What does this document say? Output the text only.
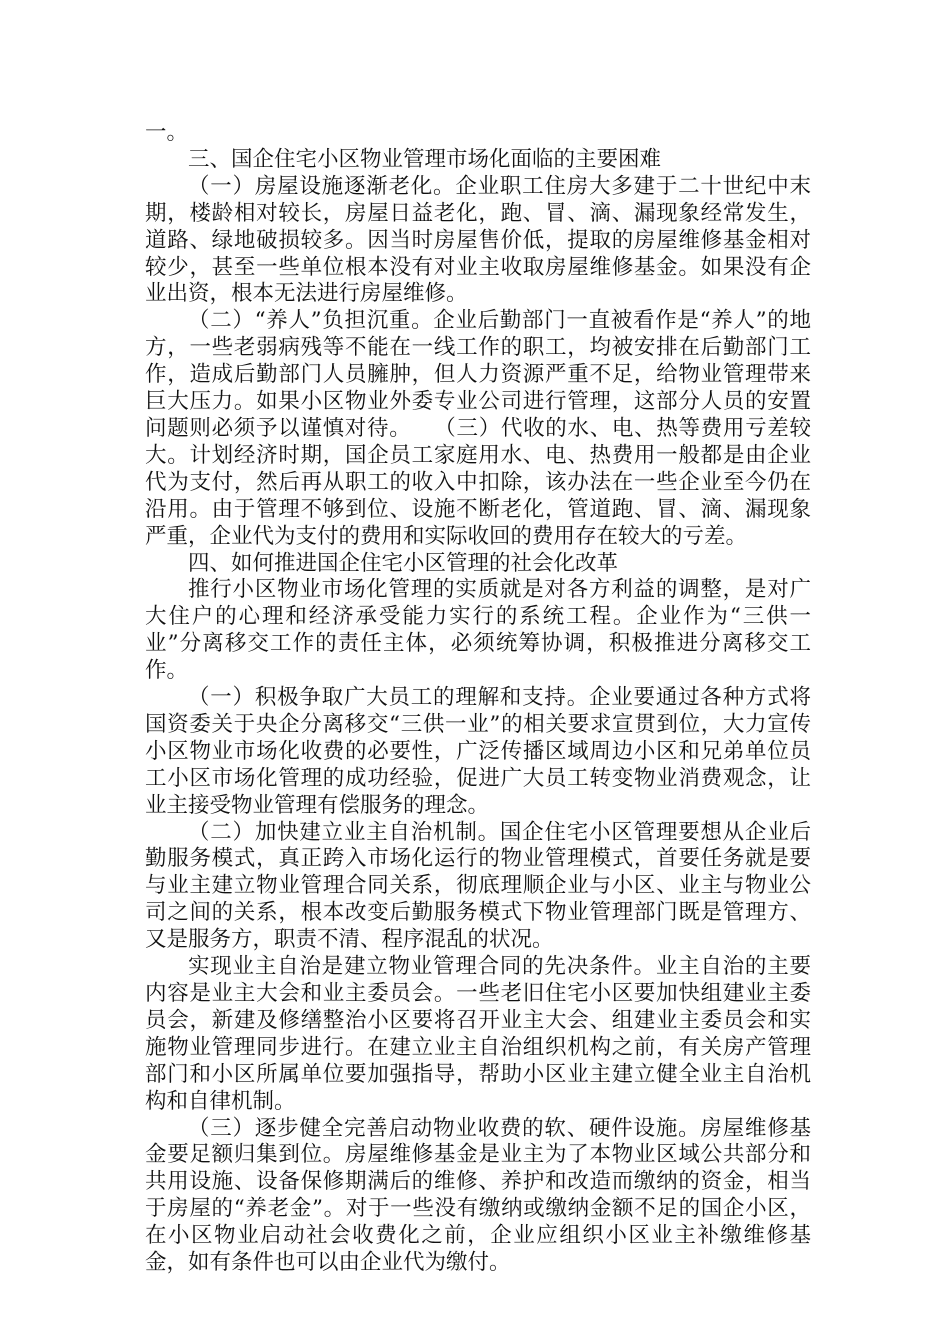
一。

三、国企住宅小区物业管理市场化面临的主要困难

（一）房屋设施逐渐老化。企业职工住房大多建于二十世纪中末期，楼龄相对较长，房屋日益老化，跑、冒、滴、漏现象经常发生，道路、绿地破损较多。因当时房屋售价低，提取的房屋维修基金相对较少，甚至一些单位根本没有对业主收取房屋维修基金。如果没有企业出资，根本无法进行房屋维修。

（二）“养人”负担沉重。企业后勤部门一直被看作是“养人”的地方，一些老弱病残等不能在一线工作的职工，均被安排在后勤部门工作，造成后勤部门人员臃肿，但人力资源严重不足，给物业管理带来巨大压力。如果小区物业外委专业公司进行管理，这部分人员的安置问题则必须予以谨慎对待。　　（三）代收的水、电、热等费用亏差较大。计划经济时期，国企员工家庭用水、电、热费用一般都是由企业代为支付，然后再从职工的收入中扣除，该办法在一些企业至今仍在沿用。由于管理不够到位、设施不断老化，管道跑、冒、滴、漏现象严重，企业代为支付的费用和实际收回的费用存在较大的亏差。

四、如何推进国企住宅小区管理的社会化改革

推行小区物业市场化管理的实质就是对各方利益的调整，是对广大住户的心理和经济承受能力实行的系统工程。企业作为“三供一业”分离移交工作的责任主体，必须统筹协调，积极推进分离移交工作。

（一）积极争取广大员工的理解和支持。企业要通过各种方式将国资委关于央企分离移交“三供一业”的相关要求宣贯到位，大力宣传小区物业市场化收费的必要性，广泛传播区域周边小区和兄弟单位员工小区市场化管理的成功经验，促进广大员工转变物业消费观念，让业主接受物业管理有偿服务的理念。

（二）加快建立业主自治机制。国企住宅小区管理要想从企业后勤服务模式，真正跨入市场化运行的物业管理模式，首要任务就是要与业主建立物业管理合同关系，彻底理顺企业与小区、业主与物业公司之间的关系，根本改变后勤服务模式下物业管理部门既是管理方、又是服务方，职责不清、程序混乱的状况。

实现业主自治是建立物业管理合同的先决条件。业主自治的主要内容是业主大会和业主委员会。一些老旧住宅小区要加快组建业主委员会，新建及修缮整治小区要将召开业主大会、组建业主委员会和实施物业管理同步进行。在建立业主自治组织机构之前，有关房产管理部门和小区所属单位要加强指导，帮助小区业主建立健全业主自治机构和自律机制。

（三）逐步健全完善启动物业收费的软、硬件设施。房屋维修基金要足额归集到位。房屋维修基金是业主为了本物业区域公共部分和共用设施、设备保修期满后的维修、养护和改造而缴纳的资金，相当于房屋的“养老金”。对于一些没有缴纳或缴纳金额不足的国企小区，在小区物业启动社会收费化之前，企业应组织小区业主补缴维修基金，如有条件也可以由企业代为缴付。
